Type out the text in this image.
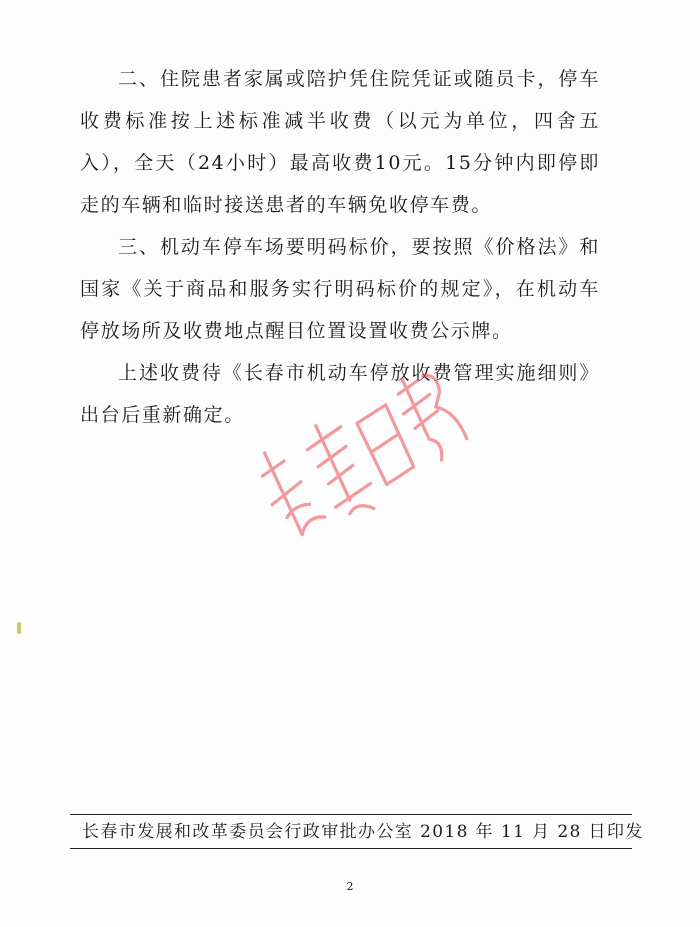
二、住院患者家属或陪护凭住院凭证或随员卡，停车收费标准按上述标准减半收费（以元为单位，四舍五入），全天（24小时）最高收费10元。15分钟内即停即走的车辆和临时接送患者的车辆免收停车费。
三、机动车停车场要明码标价，要按照《价格法》和国家《关于商品和服务实行明码标价的规定》，在机动车停放场所及收费地点醒目位置设置收费公示牌。
上述收费待《长春市机动车停放收费管理实施细则》出台后重新确定。
长春市发展和改革委员会行政审批办公室 2018 年 11 月 28 日印发
2
